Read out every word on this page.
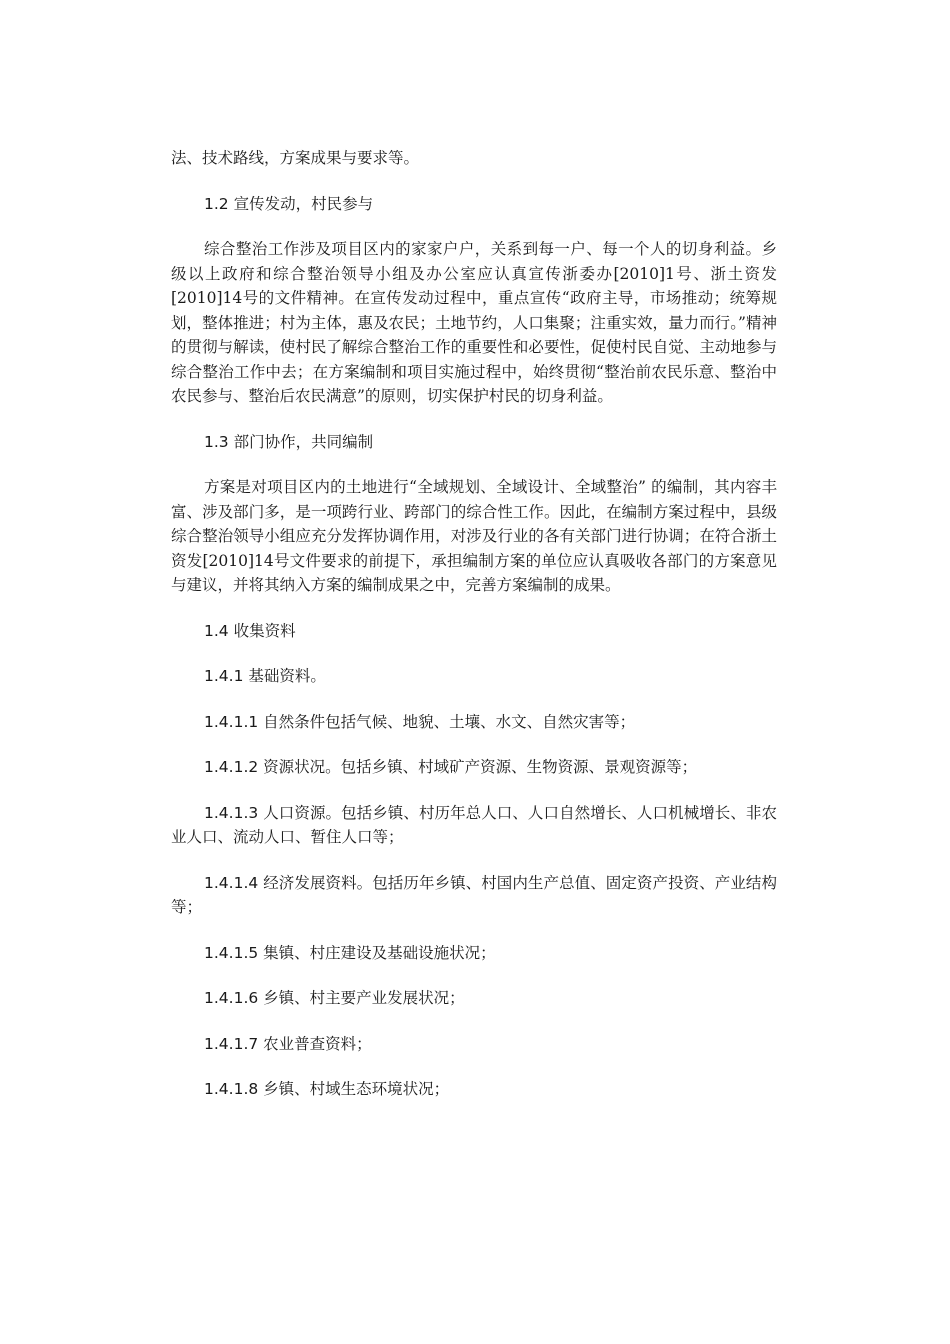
法、技术路线，方案成果与要求等。

1.2 宣传发动，村民参与

综合整治工作涉及项目区内的家家户户，关系到每一户、每一个人的切身利益。乡级以上政府和综合整治领导小组及办公室应认真宣传浙委办[2010]1号、浙土资发[2010]14号的文件精神。在宣传发动过程中，重点宣传“政府主导，市场推动；统筹规划，整体推进；村为主体，惠及农民；土地节约，人口集聚；注重实效，量力而行。”精神的贯彻与解读，使村民了解综合整治工作的重要性和必要性，促使村民自觉、主动地参与综合整治工作中去；在方案编制和项目实施过程中，始终贯彻“整治前农民乐意、整治中农民参与、整治后农民满意”的原则，切实保护村民的切身利益。

1.3 部门协作，共同编制

方案是对项目区内的土地进行“全域规划、全域设计、全域整治” 的编制，其内容丰富、涉及部门多，是一项跨行业、跨部门的综合性工作。因此，在编制方案过程中，县级综合整治领导小组应充分发挥协调作用，对涉及行业的各有关部门进行协调；在符合浙土资发[2010]14号文件要求的前提下，承担编制方案的单位应认真吸收各部门的方案意见与建议，并将其纳入方案的编制成果之中，完善方案编制的成果。

1.4 收集资料

1.4.1 基础资料。

1.4.1.1 自然条件包括气候、地貌、土壤、水文、自然灾害等；

1.4.1.2 资源状况。包括乡镇、村域矿产资源、生物资源、景观资源等；

1.4.1.3 人口资源。包括乡镇、村历年总人口、人口自然增长、人口机械增长、非农业人口、流动人口、暂住人口等；

1.4.1.4 经济发展资料。包括历年乡镇、村国内生产总值、固定资产投资、产业结构等；

1.4.1.5 集镇、村庄建设及基础设施状况；

1.4.1.6 乡镇、村主要产业发展状况；

1.4.1.7 农业普查资料；

1.4.1.8 乡镇、村域生态环境状况；
